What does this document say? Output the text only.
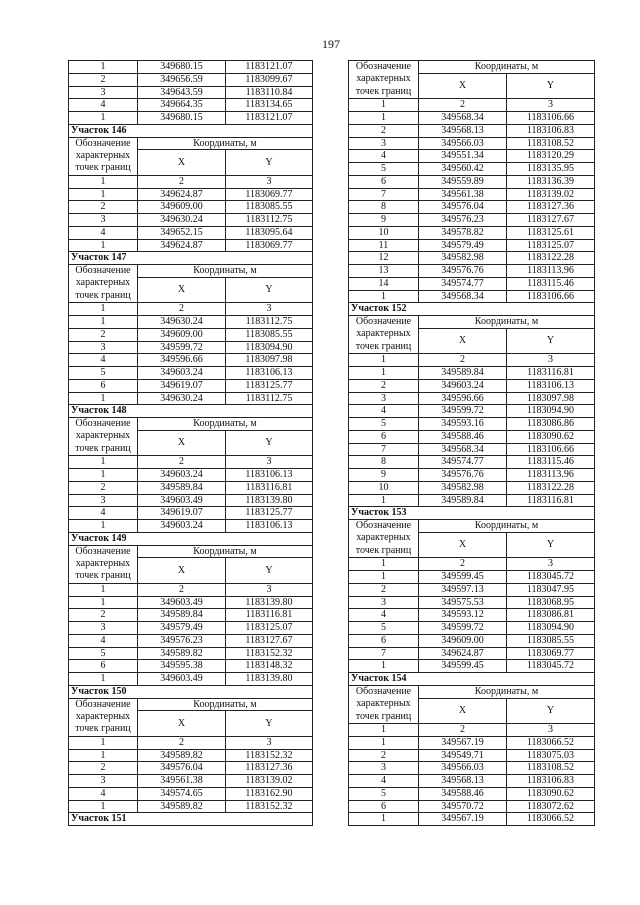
197
1	349680.15	1183121.07
2	349656.59	1183099.67
3	349643.59	1183110.84
4	349664.35	1183134.65
1	349680.15	1183121.07
Участок 146		
Обозначение характерных точек границ	Координаты, м	
	X	Y
1	2	3
1	349624.87	1183069.77
2	349609.00	1183085.55
3	349630.24	1183112.75
4	349652.15	1183095.64
1	349624.87	1183069.77
Участок 147		
Обозначение характерных точек границ	Координаты, м	
	X	Y
1	2	3
1	349630.24	1183112.75
2	349609.00	1183085.55
3	349599.72	1183094.90
4	349596.66	1183097.98
5	349603.24	1183106.13
6	349619.07	1183125.77
1	349630.24	1183112.75
Участок 148		
Обозначение характерных точек границ	Координаты, м	
	X	Y
1	2	3
1	349603.24	1183106.13
2	349589.84	1183116.81
3	349603.49	1183139.80
4	349619.07	1183125.77
1	349603.24	1183106.13
Участок 149		
Обозначение характерных точек границ	Координаты, м	
	X	Y
1	2	3
1	349603.49	1183139.80
2	349589.84	1183116.81
3	349579.49	1183125.07
4	349576.23	1183127.67
5	349589.82	1183152.32
6	349595.38	1183148.32
1	349603.49	1183139.80
Участок 150		
Обозначение характерных точек границ	Координаты, м	
	X	Y
1	2	3
1	349589.82	1183152.32
2	349576.04	1183127.36
3	349561.38	1183139.02
4	349574.65	1183162.90
1	349589.82	1183152.32
Участок 151		
Обозначение характерных точек границ	Координаты, м	
	X	Y
1	2	3
1	349568.34	1183106.66
2	349568.13	1183106.83
3	349566.03	1183108.52
4	349551.34	1183120.29
5	349560.42	1183135.95
6	349559.89	1183136.39
7	349561.38	1183139.02
8	349576.04	1183127.36
9	349576.23	1183127.67
10	349578.82	1183125.61
11	349579.49	1183125.07
12	349582.98	1183122.28
13	349576.76	1183113.96
14	349574.77	1183115.46
1	349568.34	1183106.66
Участок 152		
Обозначение характерных точек границ	Координаты, м	
	X	Y
1	2	3
1	349589.84	1183116.81
2	349603.24	1183106.13
3	349596.66	1183097.98
4	349599.72	1183094.90
5	349593.16	1183086.86
6	349588.46	1183090.62
7	349568.34	1183106.66
8	349574.77	1183115.46
9	349576.76	1183113.96
10	349582.98	1183122.28
1	349589.84	1183116.81
Участок 153		
Обозначение характерных точек границ	Координаты, м	
	X	Y
1	2	3
1	349599.45	1183045.72
2	349597.13	1183047.95
3	349575.53	1183068.95
4	349593.12	1183086.81
5	349599.72	1183094.90
6	349609.00	1183085.55
7	349624.87	1183069.77
1	349599.45	1183045.72
Участок 154		
Обозначение характерных точек границ	Координаты, м	
	X	Y
1	2	3
1	349567.19	1183066.52
2	349549.71	1183075.03
3	349566.03	1183108.52
4	349568.13	1183106.83
5	349588.46	1183090.62
6	349570.72	1183072.62
1	349567.19	1183066.52
